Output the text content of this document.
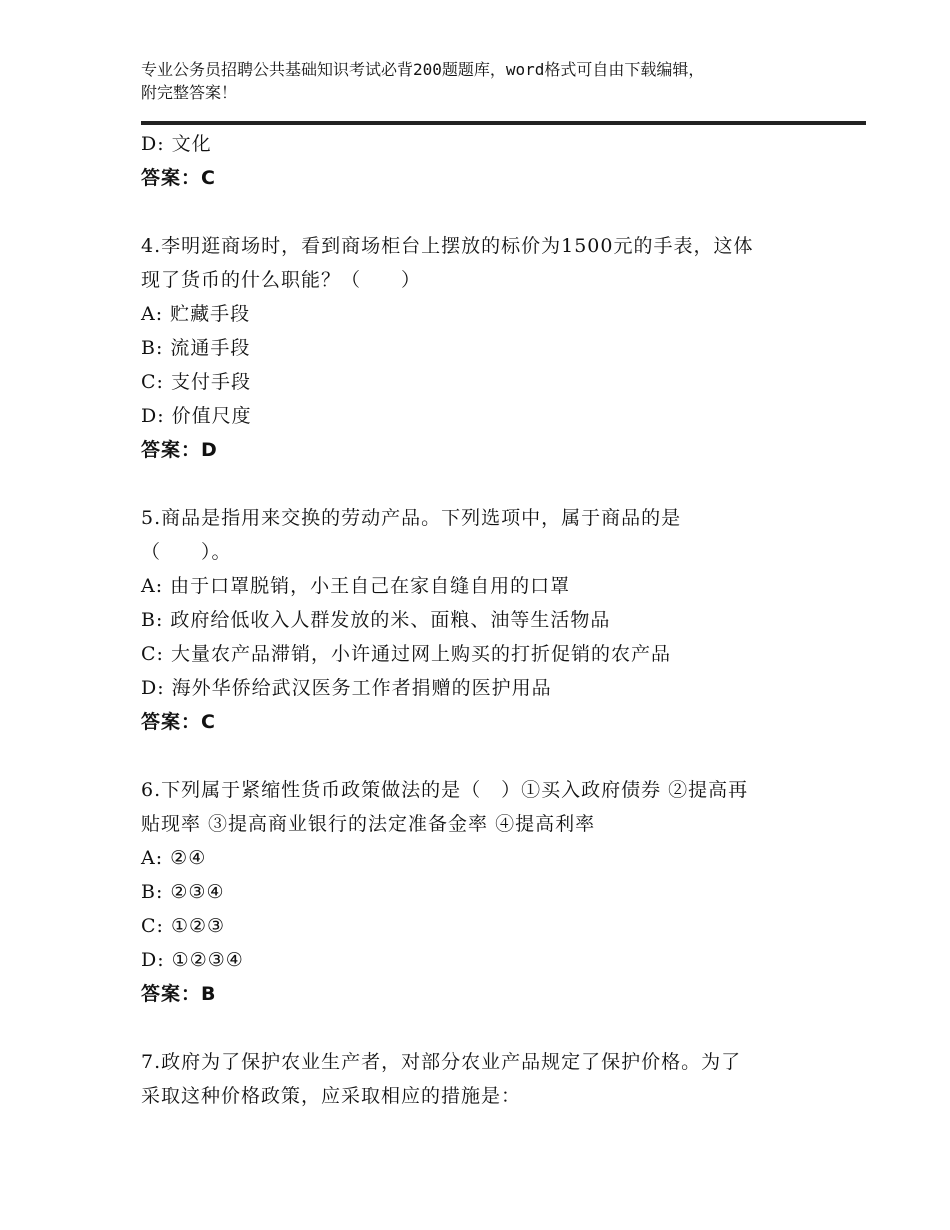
专业公务员招聘公共基础知识考试必背200题题库，word格式可自由下载编辑，
附完整答案！
D: 文化
答案：C
4.李明逛商场时，看到商场柜台上摆放的标价为1500元的手表，这体
现了货币的什么职能？（　　）
A: 贮藏手段
B: 流通手段
C: 支付手段
D: 价值尺度
答案：D
5.商品是指用来交换的劳动产品。下列选项中，属于商品的是
（　　）。
A: 由于口罩脱销，小王自己在家自缝自用的口罩
B: 政府给低收入人群发放的米、面粮、油等生活物品
C: 大量农产品滞销，小许通过网上购买的打折促销的农产品
D: 海外华侨给武汉医务工作者捐赠的医护用品
答案：C
6.下列属于紧缩性货币政策做法的是（　）①买入政府债券 ②提高再
贴现率 ③提高商业银行的法定准备金率 ④提高利率
A: ②④
B: ②③④
C: ①②③
D: ①②③④
答案：B
7.政府为了保护农业生产者，对部分农业产品规定了保护价格。为了
采取这种价格政策，应采取相应的措施是：
